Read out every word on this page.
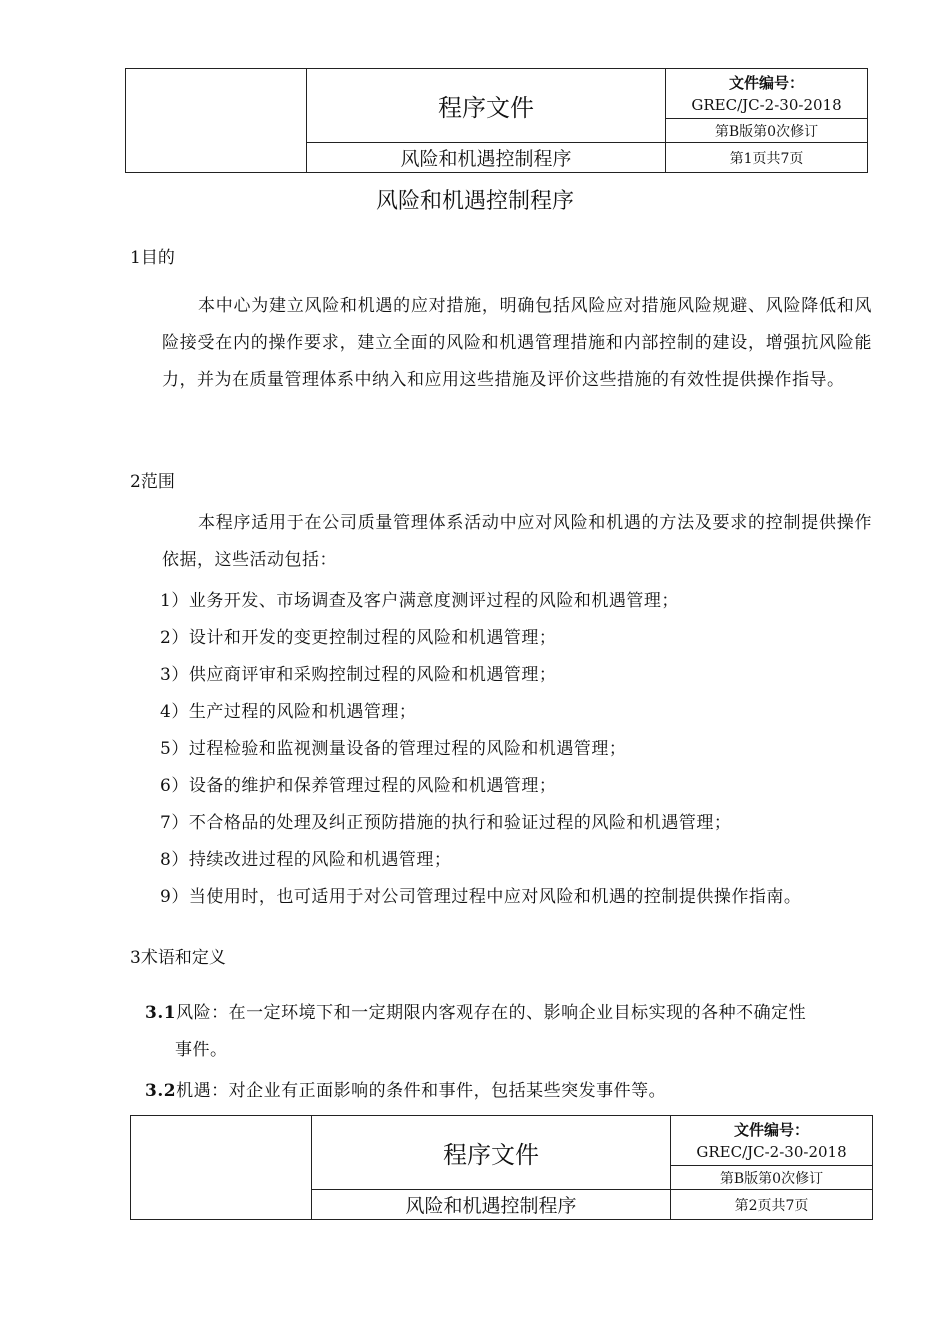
	程序文件	文件编号：
GREC/JC-2-30-2018
		第B版第0次修订
	风险和机遇控制程序	第1页共7页
风险和机遇控制程序
1目的
本中心为建立风险和机遇的应对措施，明确包括风险应对措施风险规避、风险降低和风险接受在内的操作要求，建立全面的风险和机遇管理措施和内部控制的建设，增强抗风险能力，并为在质量管理体系中纳入和应用这些措施及评价这些措施的有效性提供操作指导。
2范围
本程序适用于在公司质量管理体系活动中应对风险和机遇的方法及要求的控制提供操作依据，这些活动包括：
1）业务开发、市场调查及客户满意度测评过程的风险和机遇管理；
2）设计和开发的变更控制过程的风险和机遇管理；
3）供应商评审和采购控制过程的风险和机遇管理；
4）生产过程的风险和机遇管理；
5）过程检验和监视测量设备的管理过程的风险和机遇管理；
6）设备的维护和保养管理过程的风险和机遇管理；
7）不合格品的处理及纠正预防措施的执行和验证过程的风险和机遇管理；
8）持续改进过程的风险和机遇管理；
9）当使用时，也可适用于对公司管理过程中应对风险和机遇的控制提供操作指南。
3术语和定义
3.1风险：在一定环境下和一定期限内客观存在的、影响企业目标实现的各种不确定性
事件。
3.2机遇：对企业有正面影响的条件和事件，包括某些突发事件等。
	程序文件	文件编号：
GREC/JC-2-30-2018
		第B版第0次修订
	风险和机遇控制程序	第2页共7页
